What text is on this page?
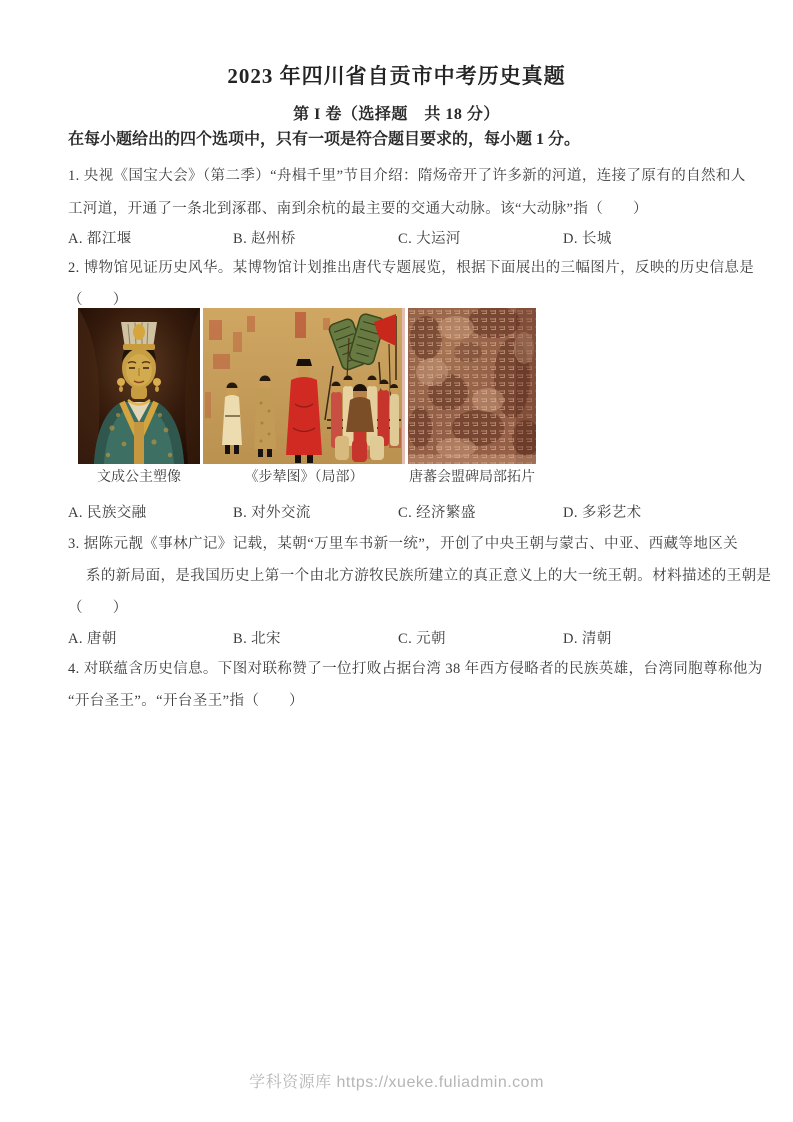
2023 年四川省自贡市中考历史真题
第 I 卷（选择题　共 18 分）
在每小题给出的四个选项中，只有一项是符合题目要求的，每小题 1 分。
1. 央视《国宝大会》（第二季）“舟楫千里”节目介绍：隋炀帝开了许多新的河道，连接了原有的自然和人
工河道，开通了一条北到涿郡、南到余杭的最主要的交通大动脉。该“大动脉”指（　　）
A. 都江堰	B. 赵州桥	C. 大运河	D. 长城
2. 博物馆见证历史风华。某博物馆计划推出唐代专题展览，根据下面展出的三幅图片，反映的历史信息是
（　　）
文成公主塑像	《步辇图》（局部）	唐蕃会盟碑局部拓片
A. 民族交融	B. 对外交流	C. 经济繁盛	D. 多彩艺术
3. 据陈元靓《事林广记》记载，某朝“万里车书新一统”，开创了中央王朝与蒙古、中亚、西藏等地区关
系的新局面，是我国历史上第一个由北方游牧民族所建立的真正意义上的大一统王朝。材料描述的王朝是
（　　）
A. 唐朝	B. 北宋	C. 元朝	D. 清朝
4. 对联蕴含历史信息。下图对联称赞了一位打败占据台湾 38 年西方侵略者的民族英雄，台湾同胞尊称他为
“开台圣王”。“开台圣王”指（　　）
学科资源库 https://xueke.fuliadmin.com
